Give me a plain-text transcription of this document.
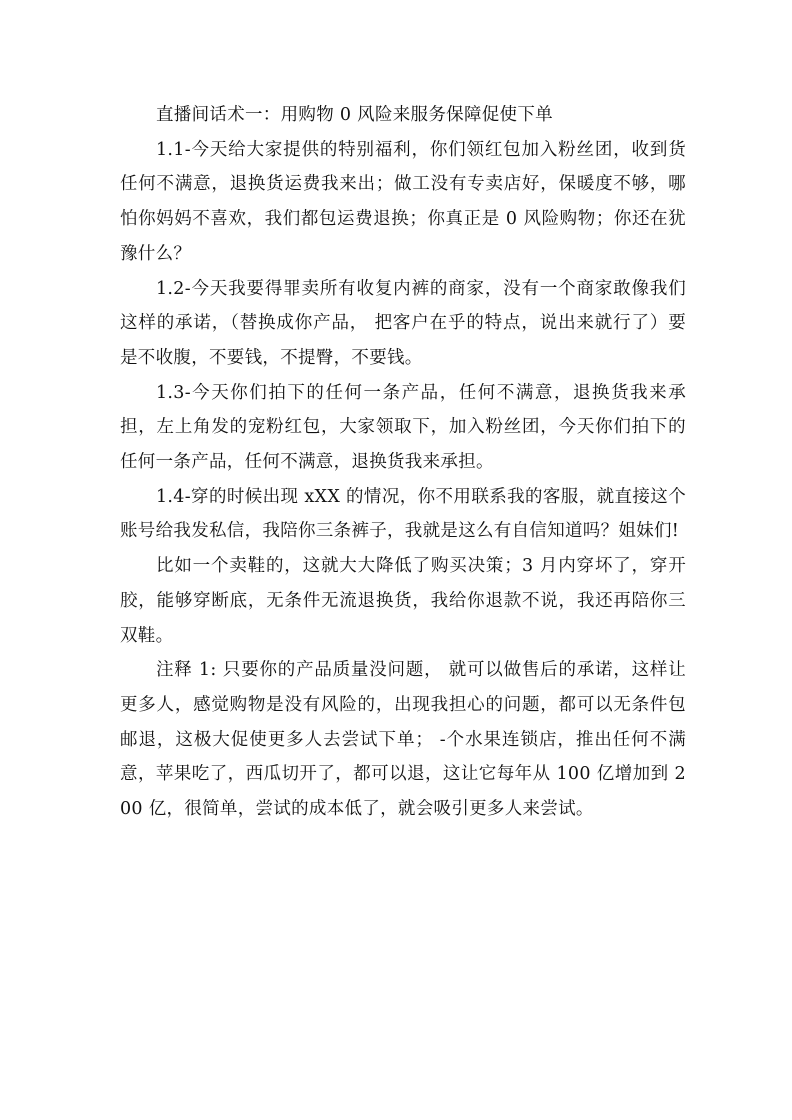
直播间话术一：用购物 0 风险来服务保障促使下单

1.1-今天给大家提供的特别福利，你们领红包加入粉丝团，收到货任何不满意，退换货运费我来出；做工没有专卖店好，保暖度不够，哪怕你妈妈不喜欢，我们都包运费退换；你真正是 0 风险购物；你还在犹豫什么？

1.2-今天我要得罪卖所有收复内裤的商家，没有一个商家敢像我们这样的承诺，（替换成你产品， 把客户在乎的特点，说出来就行了）要是不收腹，不要钱，不提臀，不要钱。

1.3-今天你们拍下的任何一条产品，任何不满意，退换货我来承担，左上角发的宠粉红包，大家领取下，加入粉丝团，今天你们拍下的任何一条产品，任何不满意，退换货我来承担。

1.4-穿的时候出现 xXX 的情况，你不用联系我的客服，就直接这个账号给我发私信，我陪你三条裤子，我就是这么有自信知道吗？姐妹们!

比如一个卖鞋的，这就大大降低了购买决策；3 月内穿坏了，穿开胶，能够穿断底，无条件无流退换货，我给你退款不说，我还再陪你三双鞋。

注释 1: 只要你的产品质量没问题， 就可以做售后的承诺，这样让更多人，感觉购物是没有风险的，出现我担心的问题，都可以无条件包邮退，这极大促使更多人去尝试下单； -个水果连锁店，推出任何不满意，苹果吃了，西瓜切开了，都可以退，这让它每年从 100 亿增加到 200 亿，很简单，尝试的成本低了，就会吸引更多人来尝试。
